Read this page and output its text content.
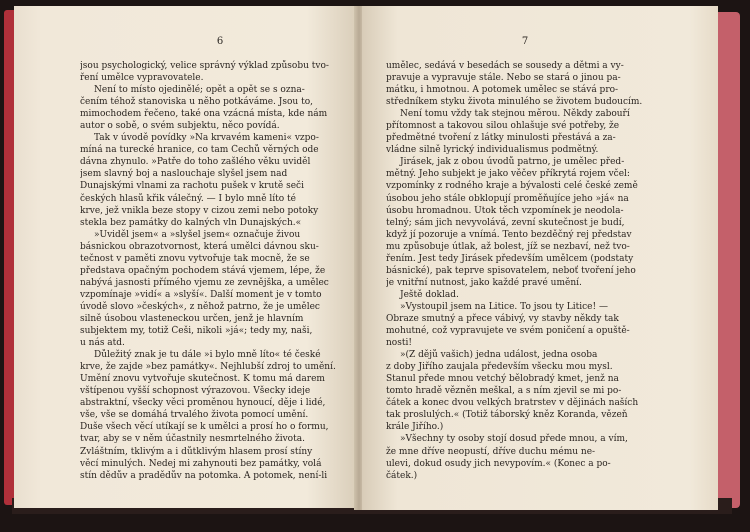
6
jsou psychologický, velice správný výklad způsobu tvo-
ření umělce vypravovatele.
Není to místo ojedinělé; opět a opět se s ozna-
čením téhož stanoviska u něho potkáváme. Jsou to,
mimochodem řečeno, také ona vzácná místa, kde nám
autor o sobě, o svém subjektu, něco povídá.
Tak v úvodě povídky »Na krvavém kameni« vzpo-
míná na turecké hranice, co tam Čechů věrných ode
dávna zhynulo. »Patře do toho zašlého věku uviděl
jsem slavný boj a naslouchaje slyšel jsem nad
Dunajskými vlnami za rachotu pušek v krutě seči
českých hlasů křik válečný. — I bylo mně líto té
krve, jež vnikla beze stopy v cizou zemi nebo potoky
stekla bez památky do kalných vln Dunajských.«
»Uviděl jsem« a »slyšel jsem« označuje živou
básnickou obrazotvornost, která umělci dávnou sku-
tečnost v paměti znovu vytvořuje tak mocně, že se
představa opačným pochodem stává vjemem, lépe, že
nabývá jasnosti přímého vjemu ze zevnějška, a umělec
vzpomínaje »vidí« a »slyší«. Další moment je v tomto
úvodě slovo »českých«, z něhož patrno, že je umělec
silně úsobou vlasteneckou určen, jenž je hlavním
subjektem my, totiž Češi, nikoli »já«; tedy my, naši,
u nás atd.
Důležitý znak je tu dále »i bylo mně líto« té české
krve, že zajde »bez památky«. Nejhlubší zdroj to umění.
Umění znovu vytvořuje skutečnost. K tomu má darem
vštípenou vyšší schopnost výrazovou. Všecky ideje
abstraktní, všecky věci proměnou hynoucí, děje i lidé,
vše, vše se domáhá trvalého života pomocí umění.
Duše všech věcí utíkají se k umělci a prosí ho o formu,
tvar, aby se v něm účastnily nesmrtelného života.
Zvláštním, tklivým a i důtklivým hlasem prosí stíny
věcí minulých. Nedej mi zahynouti bez památky, volá
stín dědův a pradědův na potomka. A potomek, není-li
7
umělec, sedává v besedách se sousedy a dětmi a vy-
pravuje a vypravuje stále. Nebo se stará o jinou pa-
mátku, i hmotnou. A potomek umělec se stává pro-
středníkem styku života minulého se životem budoucím.
Není tomu vždy tak stejnou měrou. Někdy zabouří
přítomnost a takovou silou ohlašuje své potřeby, že
předmětné tvoření z látky minulosti přestává a za-
vládne silně lyrický individualismus podmětný.
Jirásek, jak z obou úvodů patrno, je umělec před-
mětný. Jeho subjekt je jako věčev příkrytá rojem včel:
vzpomínky z rodného kraje a bývalosti celé české země
úsobou jeho stále obklopují proměňujíce jeho »já« na
úsobu hromadnou. Útok těch vzpomínek je neodola-
telný; sám jich nevyvolává, zevní skutečnost je budí,
když jí pozoruje a vnímá. Tento bezděčný rej představ
mu způsobuje útlak, až bolest, jíž se nezbaví, než tvo-
řením. Jest tedy Jirásek především umělcem (podstaty
básnické), pak teprve spisovatelem, neboť tvoření jeho
je vnitřní nutnost, jako každé pravé umění.
Ještě doklad.
»Vystoupil jsem na Litice. To jsou ty Litice! —
Obraze smutný a přece vábivý, vy stavby někdy tak
mohutné, což vypravujete ve svém poničení a opuště-
nosti!
»(Z dějů vašich) jedna událost, jedna osoba
z doby Jiřího zaujala především všecku mou mysl.
Stanul přede mnou vetchý bělobradý kmet, jenž na
tomto hradě vězněn meškal, a s ním zjevil se mi po-
čátek a konec dvou velkých bratrstev v dějinách naších
tak proslulých.« (Totiž táborský kněz Koranda, vězeň
krále Jiřího.)
»Všechny ty osoby stojí dosud přede mnou, a vím,
že mne dříve neopustí, dříve duchu mému ne-
ulevi, dokud osudy jich nevypovím.« (Konec a po-
čátek.)
